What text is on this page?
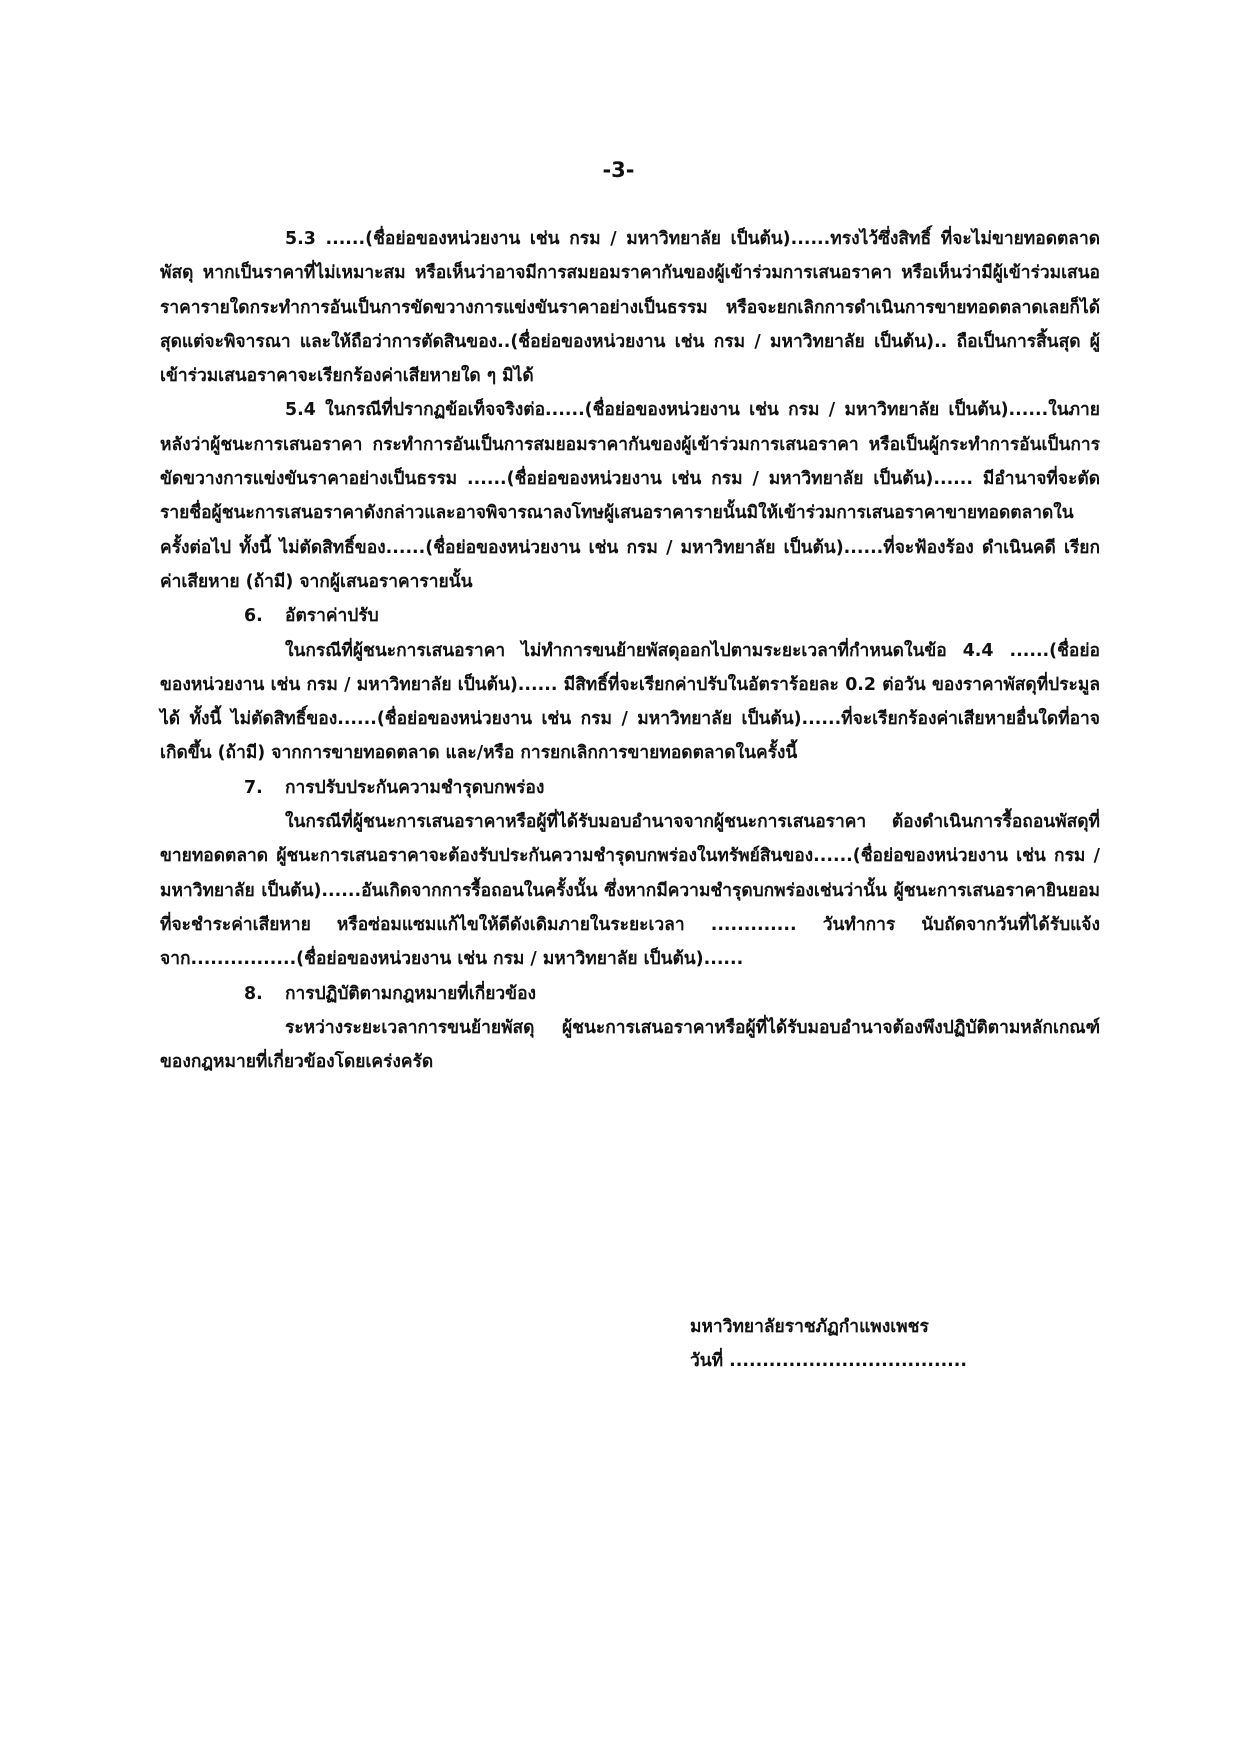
-3-

5.3 ......(ชื่อย่อของหน่วยงาน เช่น กรม / มหาวิทยาลัย เป็นต้น)......ทรงไว้ซึ่งสิทธิ์ ที่จะไม่ขายทอดตลาดพัสดุ หากเป็นราคาที่ไม่เหมาะสม หรือเห็นว่าอาจมีการสมยอมราคากันของผู้เข้าร่วมการเสนอราคา หรือเห็นว่ามีผู้เข้าร่วมเสนอราคารายใดกระทำการอันเป็นการขัดขวางการแข่งขันราคาอย่างเป็นธรรม หรือจะยกเลิกการดำเนินการขายทอดตลาดเลยก็ได้ สุดแต่จะพิจารณา และให้ถือว่าการตัดสินของ..(ชื่อย่อของหน่วยงาน เช่น กรม / มหาวิทยาลัย เป็นต้น).. ถือเป็นการสิ้นสุด ผู้เข้าร่วมเสนอราคาจะเรียกร้องค่าเสียหายใด ๆ มิได้

5.4 ในกรณีที่ปรากฏข้อเท็จจริงต่อ......(ชื่อย่อของหน่วยงาน เช่น กรม / มหาวิทยาลัย เป็นต้น)......ในภายหลังว่าผู้ชนะการเสนอราคา กระทำการอันเป็นการสมยอมราคากันของผู้เข้าร่วมการเสนอราคา หรือเป็นผู้กระทำการอันเป็นการขัดขวางการแข่งขันราคาอย่างเป็นธรรม ......(ชื่อย่อของหน่วยงาน เช่น กรม / มหาวิทยาลัย เป็นต้น)...... มีอำนาจที่จะตัดรายชื่อผู้ชนะการเสนอราคาดังกล่าวและอาจพิจารณาลงโทษผู้เสนอราคารายนั้นมิให้เข้าร่วมการเสนอราคาขายทอดตลาดในครั้งต่อไป ทั้งนี้ ไม่ตัดสิทธิ์ของ......(ชื่อย่อของหน่วยงาน เช่น กรม / มหาวิทยาลัย เป็นต้น)......ที่จะฟ้องร้อง ดำเนินคดี เรียกค่าเสียหาย (ถ้ามี) จากผู้เสนอราคารายนั้น

6. อัตราค่าปรับ

ในกรณีที่ผู้ชนะการเสนอราคา ไม่ทำการขนย้ายพัสดุออกไปตามระยะเวลาที่กำหนดในข้อ 4.4 ......(ชื่อย่อของหน่วยงาน เช่น กรม / มหาวิทยาลัย เป็นต้น)...... มีสิทธิ์ที่จะเรียกค่าปรับในอัตราร้อยละ 0.2 ต่อวัน ของราคาพัสดุที่ประมูลได้ ทั้งนี้ ไม่ตัดสิทธิ์ของ......(ชื่อย่อของหน่วยงาน เช่น กรม / มหาวิทยาลัย เป็นต้น)......ที่จะเรียกร้องค่าเสียหายอื่นใดที่อาจเกิดขึ้น (ถ้ามี) จากการขายทอดตลาด และ/หรือ การยกเลิกการขายทอดตลาดในครั้งนี้

7. การปรับประกันความชำรุดบกพร่อง

ในกรณีที่ผู้ชนะการเสนอราคาหรือผู้ที่ได้รับมอบอำนาจจากผู้ชนะการเสนอราคา ต้องดำเนินการรื้อถอนพัสดุที่ขายทอดตลาด ผู้ชนะการเสนอราคาจะต้องรับประกันความชำรุดบกพร่องในทรัพย์สินของ......(ชื่อย่อของหน่วยงาน เช่น กรม / มหาวิทยาลัย เป็นต้น)......อันเกิดจากการรื้อถอนในครั้งนั้น ซึ่งหากมีความชำรุดบกพร่องเช่นว่านั้น ผู้ชนะการเสนอราคายินยอมที่จะชำระค่าเสียหาย หรือซ่อมแซมแก้ไขให้ดีดังเดิมภายในระยะเวลา ............. วันทำการ นับถัดจากวันที่ได้รับแจ้งจาก................(ชื่อย่อของหน่วยงาน เช่น กรม / มหาวิทยาลัย เป็นต้น)......

8. การปฏิบัติตามกฎหมายที่เกี่ยวข้อง

ระหว่างระยะเวลาการขนย้ายพัสดุ ผู้ชนะการเสนอราคาหรือผู้ที่ได้รับมอบอำนาจต้องพึงปฏิบัติตามหลักเกณฑ์ของกฎหมายที่เกี่ยวข้องโดยเคร่งครัด

มหาวิทยาลัยราชภัฏกำแพงเพชร
วันที่ ....................................
